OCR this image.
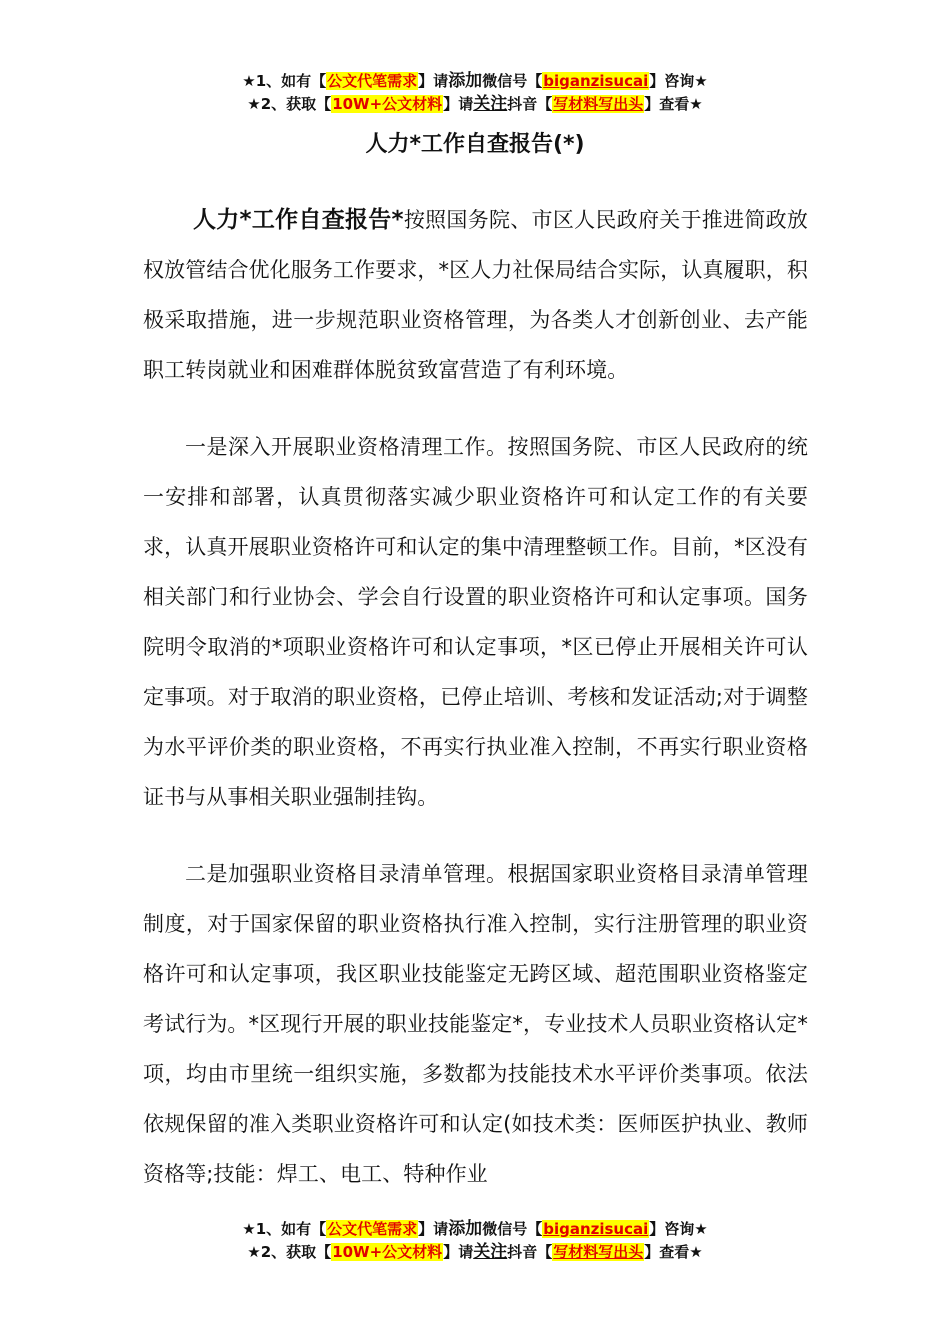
★1、如有【公文代笔需求】请添加微信号【biganzisucai】咨询★
★2、获取【10W+公文材料】请关注抖音【写材料写出头】查看★
人力*工作自查报告(*)

人力*工作自查报告*按照国务院、市区人民政府关于推进简政放权放管结合优化服务工作要求，*区人力社保局结合实际，认真履职，积极采取措施，进一步规范职业资格管理，为各类人才创新创业、去产能职工转岗就业和困难群体脱贫致富营造了有利环境。

一是深入开展职业资格清理工作。按照国务院、市区人民政府的统一安排和部署，认真贯彻落实减少职业资格许可和认定工作的有关要求，认真开展职业资格许可和认定的集中清理整顿工作。目前，*区没有相关部门和行业协会、学会自行设置的职业资格许可和认定事项。国务院明令取消的*项职业资格许可和认定事项，*区已停止开展相关许可认定事项。对于取消的职业资格，已停止培训、考核和发证活动;对于调整为水平评价类的职业资格，不再实行执业准入控制，不再实行职业资格证书与从事相关职业强制挂钩。

二是加强职业资格目录清单管理。根据国家职业资格目录清单管理制度，对于国家保留的职业资格执行准入控制，实行注册管理的职业资格许可和认定事项，我区职业技能鉴定无跨区域、超范围职业资格鉴定考试行为。*区现行开展的职业技能鉴定*，专业技术人员职业资格认定*项，均由市里统一组织实施，多数都为技能技术水平评价类事项。依法依规保留的准入类职业资格许可和认定(如技术类：医师医护执业、教师资格等;技能：焊工、电工、特种作业

★1、如有【公文代笔需求】请添加微信号【biganzisucai】咨询★
★2、获取【10W+公文材料】请关注抖音【写材料写出头】查看★
